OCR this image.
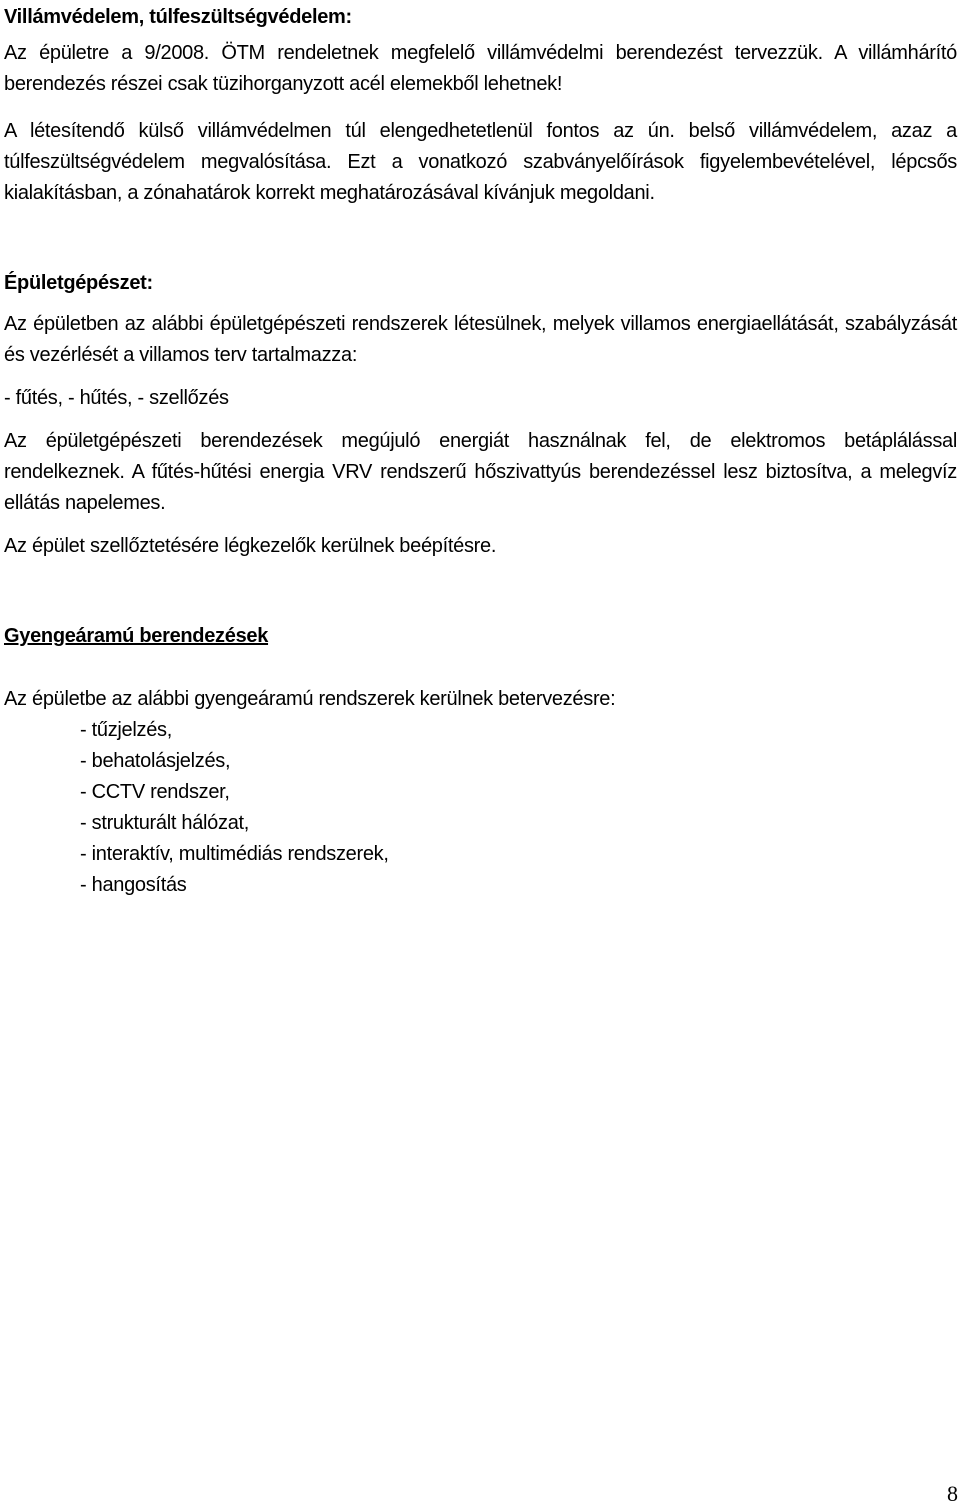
Villámvédelem, túlfeszültségvédelem:

Az épületre a 9/2008. ÖTM rendeletnek megfelelő villámvédelmi berendezést tervezzük. A villámhárító berendezés részei csak tüzihorganyzott acél elemekből lehetnek!

A létesítendő külső villámvédelmen túl elengedhetetlenül fontos az ún. belső villámvédelem, azaz a túlfeszültségvédelem megvalósítása. Ezt a vonatkozó szabványelőírások figyelembevételével, lépcsős kialakításban, a zónahatárok korrekt meghatározásával kívánjuk megoldani.

Épületgépészet:

Az épületben az alábbi épületgépészeti rendszerek létesülnek, melyek villamos energiaellátását, szabályzását és vezérlését a villamos terv tartalmazza:

- fűtés, - hűtés, - szellőzés

Az épületgépészeti berendezések megújuló energiát használnak fel, de elektromos betáplálással rendelkeznek. A fűtés-hűtési energia VRV rendszerű hőszivattyús berendezéssel lesz biztosítva, a melegvíz ellátás napelemes.

Az épület szellőztetésére légkezelők kerülnek beépítésre.

Gyengeáramú berendezések

Az épületbe az alábbi gyengeáramú rendszerek kerülnek betervezésre:

- tűzjelzés,
- behatolásjelzés,
- CCTV rendszer,
- strukturált hálózat,
- interaktív, multimédiás rendszerek,
- hangosítás
8
